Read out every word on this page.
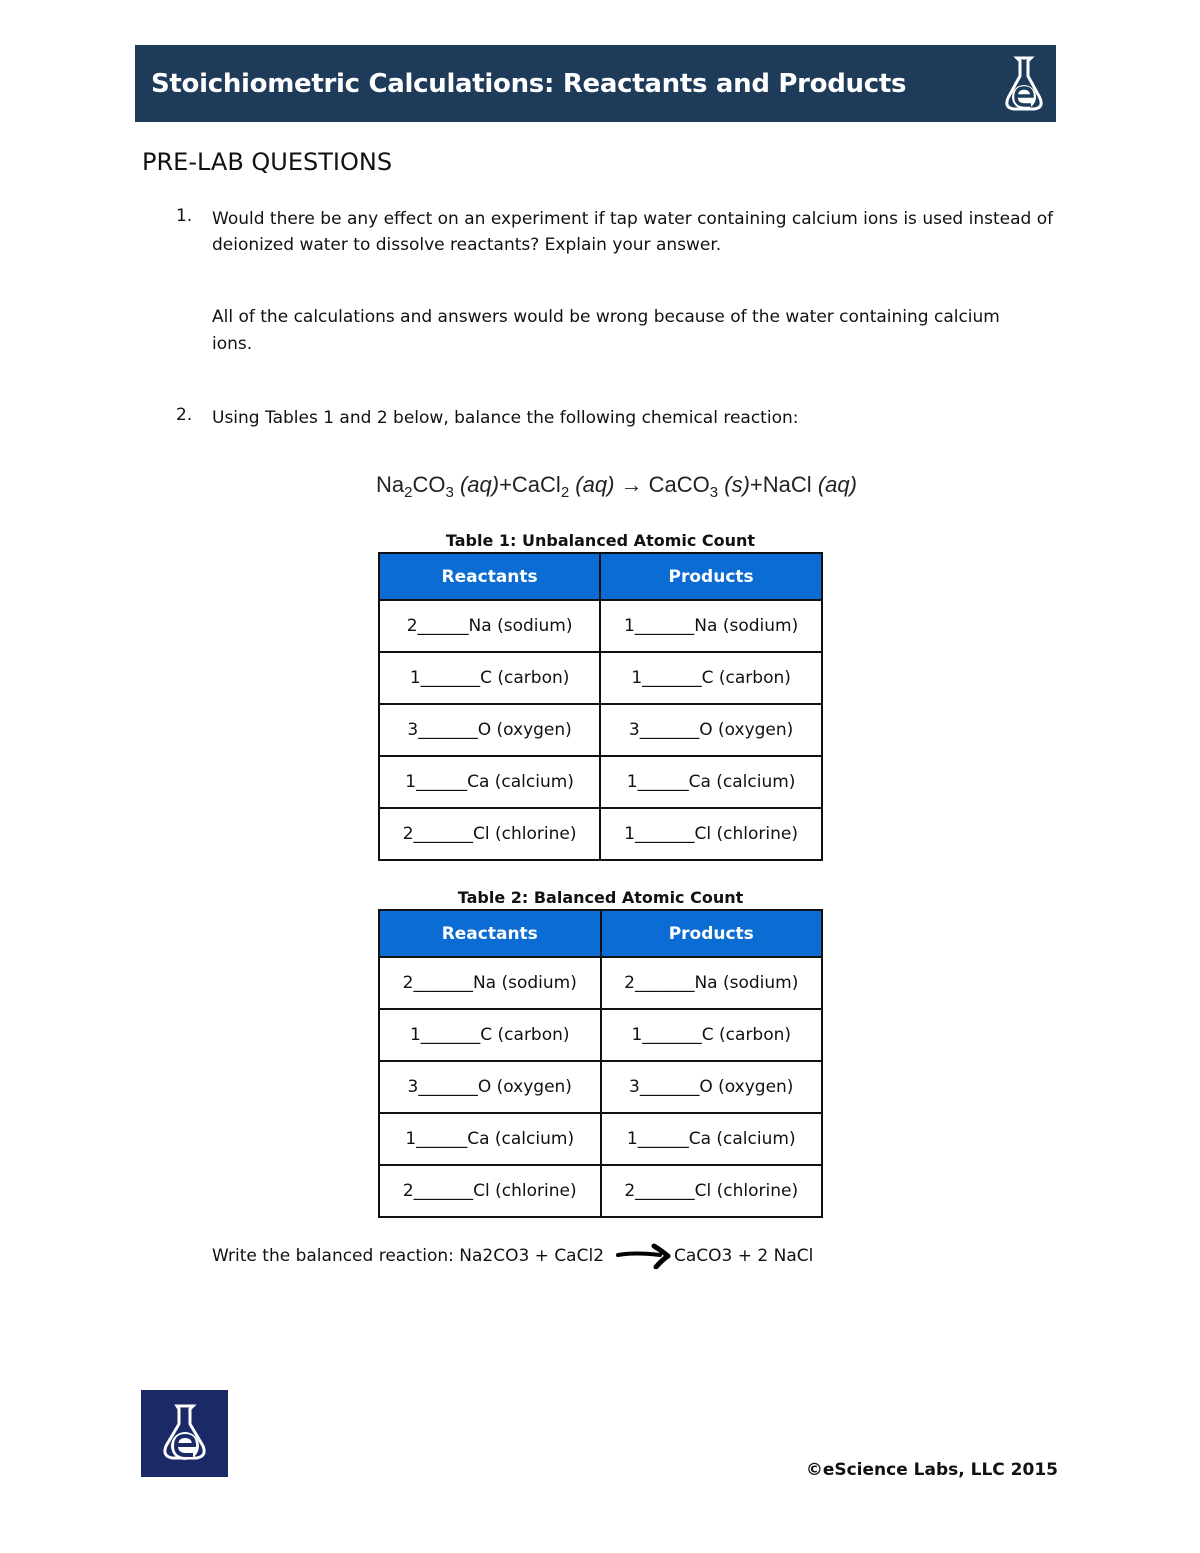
Stoichiometric Calculations: Reactants and Products
PRE-LAB QUESTIONS
1. Would there be any effect on an experiment if tap water containing calcium ions is used instead of deionized water to dissolve reactants? Explain your answer.
All of the calculations and answers would be wrong because of the water containing calcium ions.
2. Using Tables 1 and 2 below, balance the following chemical reaction:
$Na_2CO_3$ (aq)+CaCl$_2$ (aq) → CaCO$_3$ (s)+NaCl (aq)
Table 1: Unbalanced Atomic Count
Reactants	Products
2______Na (sodium)	1_______Na (sodium)
1_______C (carbon)	1_______C (carbon)
3_______O (oxygen)	3_______O (oxygen)
1______Ca (calcium)	1______Ca (calcium)
2_______Cl (chlorine)	1_______Cl (chlorine)
Table 2: Balanced Atomic Count
Reactants	Products
2_______Na (sodium)	2_______Na (sodium)
1_______C (carbon)	1_______C (carbon)
3_______O (oxygen)	3_______O (oxygen)
1______Ca (calcium)	1______Ca (calcium)
2_______Cl (chlorine)	2_______Cl (chlorine)
Write the balanced reaction: Na2CO3 + CaCl2	CaCO3 + 2 NaCl
©eScience Labs, LLC 2015
